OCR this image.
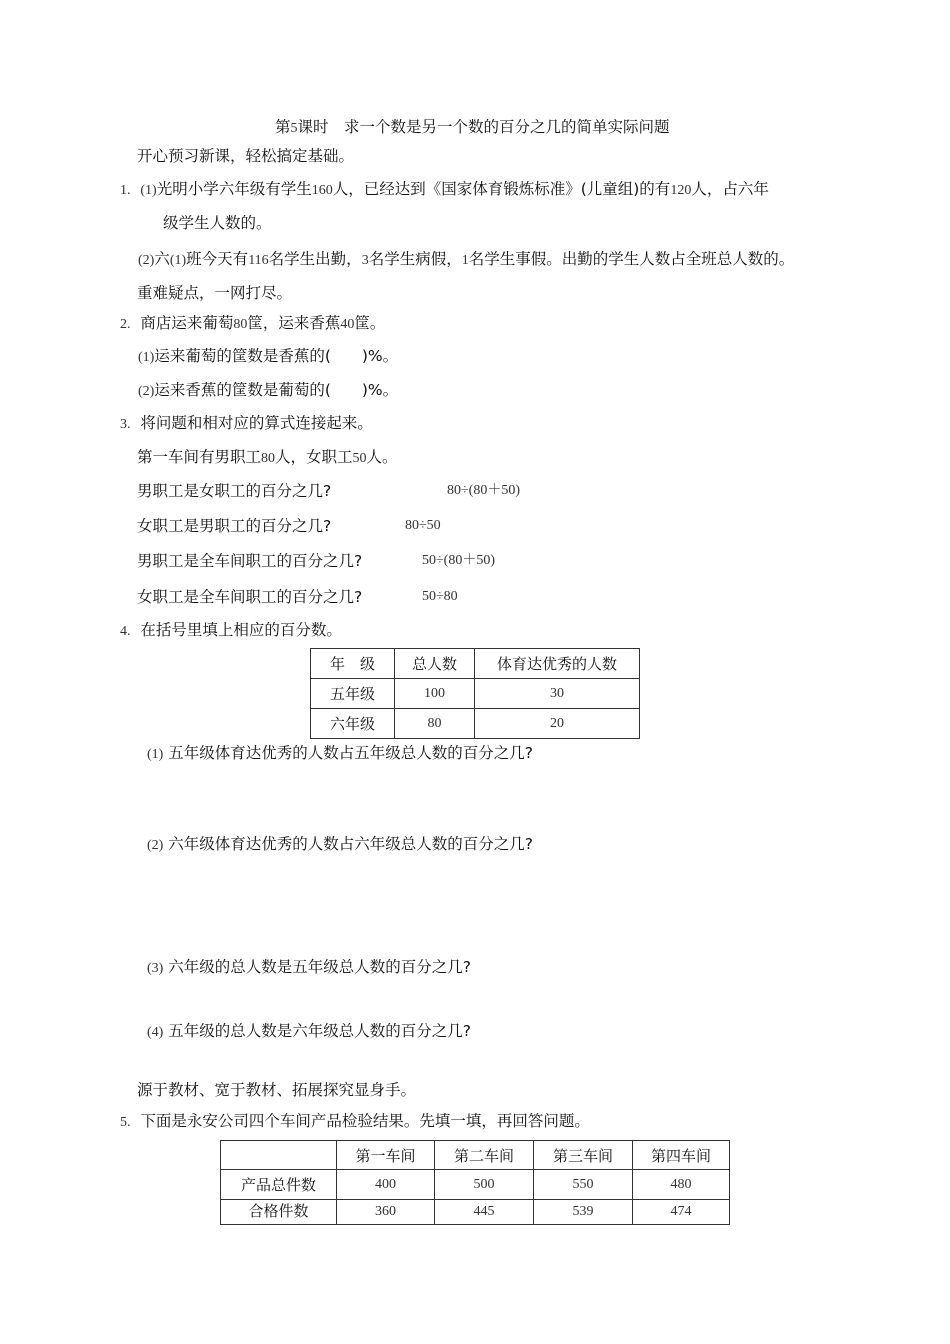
第5课时　求一个数是另一个数的百分之几的简单实际问题
开心预习新课，轻松搞定基础。
1. (1)光明小学六年级有学生160人，已经达到《国家体育锻炼标准》(儿童组)的有120人，占六年
级学生人数的。
(2)六(1)班今天有116名学生出勤，3名学生病假，1名学生事假。出勤的学生人数占全班总人数的。
重难疑点，一网打尽。
2. 商店运来葡萄80筐，运来香蕉40筐。
(1)运来葡萄的筐数是香蕉的(　　)%。
(2)运来香蕉的筐数是葡萄的(　　)%。
3. 将问题和相对应的算式连接起来。
第一车间有男职工80人，女职工50人。
男职工是女职工的百分之几?	80÷(80＋50)
女职工是男职工的百分之几?	80÷50
男职工是全车间职工的百分之几?	50÷(80＋50)
女职工是全车间职工的百分之几?	50÷80
4. 在括号里填上相应的百分数。
年　级	总人数	体育达优秀的人数
五年级	100	30
六年级	80	20
(1) 五年级体育达优秀的人数占五年级总人数的百分之几?
(2) 六年级体育达优秀的人数占六年级总人数的百分之几?
(3) 六年级的总人数是五年级总人数的百分之几?
(4) 五年级的总人数是六年级总人数的百分之几?
源于教材、宽于教材、拓展探究显身手。
5. 下面是永安公司四个车间产品检验结果。先填一填，再回答问题。
	第一车间	第二车间	第三车间	第四车间
产品总件数	400	500	550	480
合格件数	360	445	539	474
